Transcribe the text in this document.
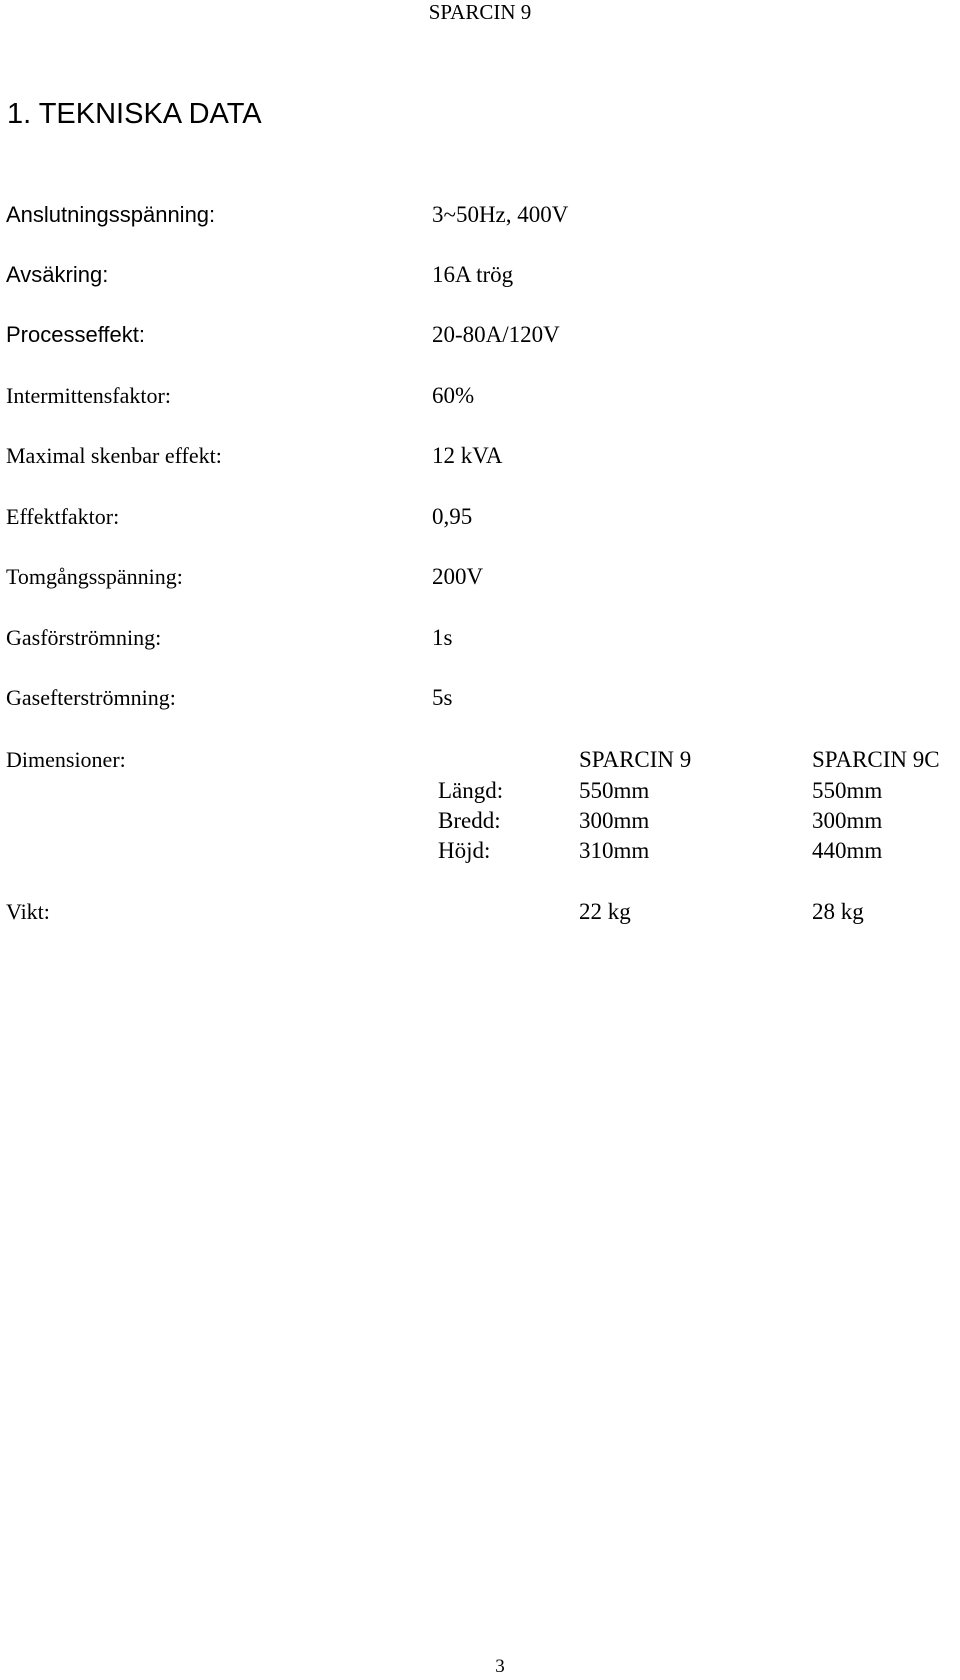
SPARCIN 9
1. TEKNISKA DATA
Anslutningsspänning:	3~50Hz, 400V
Avsäkring:	16A trög
Processeffekt:	20-80A/120V
Intermittensfaktor:	60%
Maximal skenbar effekt:	12 kVA
Effektfaktor:	0,95
Tomgångsspänning:	200V
Gasförströmning:	1s
Gasefterströmning:	5s
Dimensioner:	SPARCIN 9	SPARCIN 9C
Längd:	550mm	550mm
Bredd:	300mm	300mm
Höjd:	310mm	440mm
Vikt:	22 kg	28 kg
3
